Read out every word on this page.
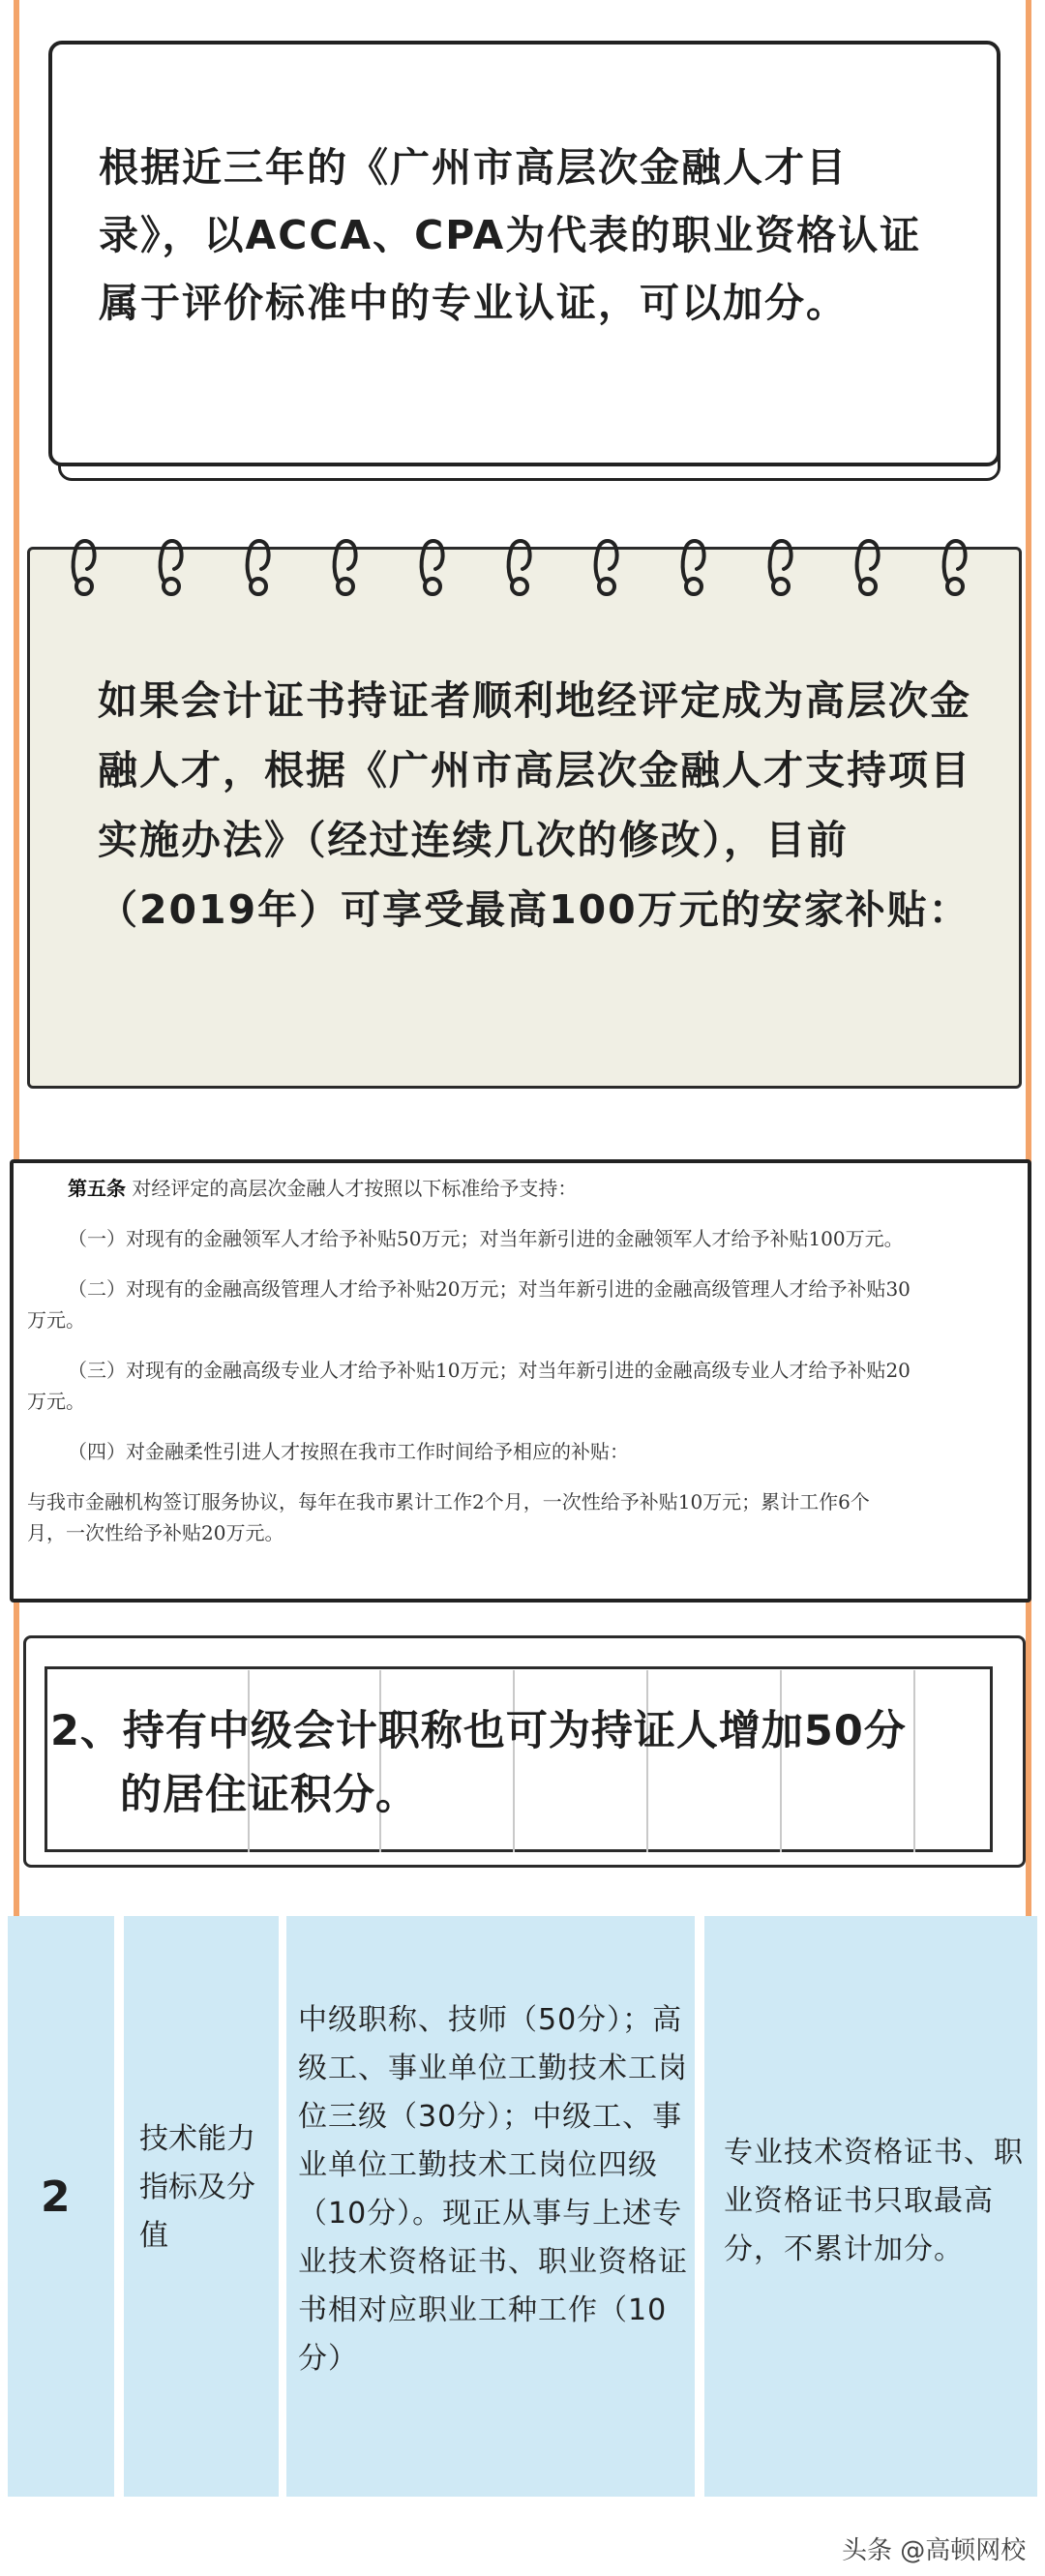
根据近三年的《广州市高层次金融人才目录》，以ACCA、CPA为代表的职业资格认证属于评价标准中的专业认证，可以加分。

如果会计证书持证者顺利地经评定成为高层次金融人才，根据《广州市高层次金融人才支持项目实施办法》（经过连续几次的修改），目前（2019年）可享受最高100万元的安家补贴：

第五条 对经评定的高层次金融人才按照以下标准给予支持：
（一）对现有的金融领军人才给予补贴50万元；对当年新引进的金融领军人才给予补贴100万元。
（二）对现有的金融高级管理人才给予补贴20万元；对当年新引进的金融高级管理人才给予补贴30
万元。
（三）对现有的金融高级专业人才给予补贴10万元；对当年新引进的金融高级专业人才给予补贴20
万元。
（四）对金融柔性引进人才按照在我市工作时间给予相应的补贴：
与我市金融机构签订服务协议，每年在我市累计工作2个月，一次性给予补贴10万元；累计工作6个
月，一次性给予补贴20万元。
2、持有中级会计职称也可为持证人增加50分
的居住证积分。
2
技术能力指标及分值
中级职称、技师（50分）；高级工、事业单位工勤技术工岗位三级（30分）；中级工、事业单位工勤技术工岗位四级（10分）。现正从事与上述专业技术资格证书、职业资格证书相对应职业工种工作（10分）
专业技术资格证书、职业资格证书只取最高分，不累计加分。
头条 @高顿网校
